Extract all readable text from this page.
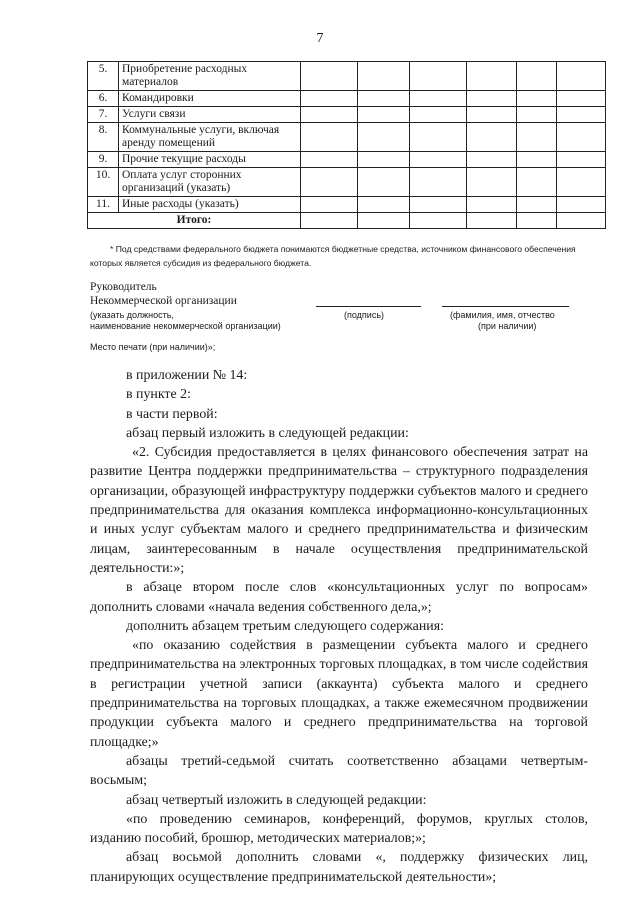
7
5.	Приобретение расходных материалов						
6.	Командировки						
7.	Услуги связи						
8.	Коммунальные услуги, включая аренду помещений						
9.	Прочие текущие расходы						
10.	Оплата услуг сторонних организаций (указать)						
11.	Иные расходы (указать)						
Итого:							
* Под средствами федерального бюджета понимаются бюджетные средства, источником финансового обеспечения которых является субсидия из федерального бюджета.
Руководитель
Некоммерческой организации
(указать должность,
наименование некоммерческой организации)
(подпись)	(фамилия, имя, отчество
(при наличии)
Место печати (при наличии)»;

в приложении № 14:

в пункте 2:

в части первой:

абзац первый изложить в следующей редакции:

«2. Субсидия предоставляется в целях финансового обеспечения затрат на развитие Центра поддержки предпринимательства – структурного подразделения организации, образующей инфраструктуру поддержки субъектов малого и среднего предпринимательства для оказания комплекса информационно-консультационных и иных услуг субъектам малого и среднего предпринимательства и физическим лицам, заинтересованным в начале осуществления предпринимательской деятельности:»;

в абзаце втором после слов «консультационных услуг по вопросам» дополнить словами «начала ведения собственного дела,»;

дополнить абзацем третьим следующего содержания:

«по оказанию содействия в размещении субъекта малого и среднего предпринимательства на электронных торговых площадках, в том числе содействия в регистрации учетной записи (аккаунта) субъекта малого и среднего предпринимательства на торговых площадках, а также ежемесячном продвижении продукции субъекта малого и среднего предпринимательства на торговой площадке;»

абзацы третий-седьмой считать соответственно абзацами четвертым-восьмым;

абзац четвертый изложить в следующей редакции:

«по проведению семинаров, конференций, форумов, круглых столов, изданию пособий, брошюр, методических материалов;»;

абзац восьмой дополнить словами «, поддержку физических лиц, планирующих осуществление предпринимательской деятельности»;
